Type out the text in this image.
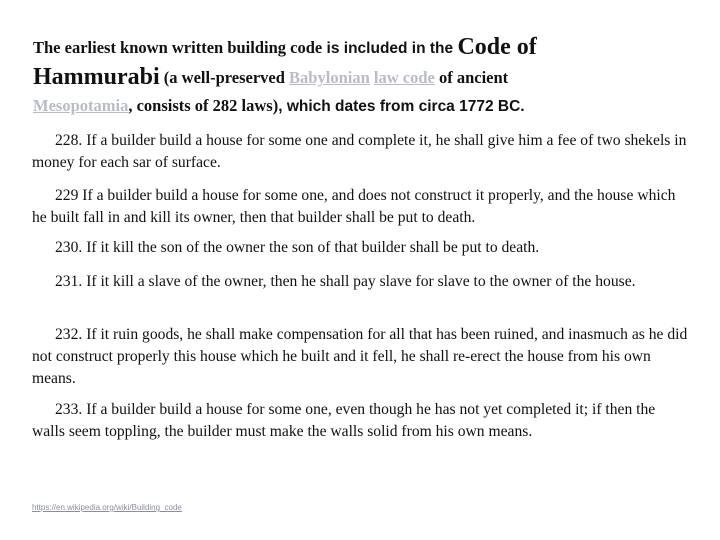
The earliest known written building code is included in the Code of
Hammurabi (a well-preserved Babylonian law code of ancient
Mesopotamia, consists of 282 laws), which dates from circa 1772 BC.

228. If a builder build a house for some one and complete it, he shall give him a fee of two shekels in money for each sar of surface.

229 If a builder build a house for some one, and does not construct it properly, and the house which he built fall in and kill its owner, then that builder shall be put to death.

230. If it kill the son of the owner the son of that builder shall be put to death.

231. If it kill a slave of the owner, then he shall pay slave for slave to the owner of the house.

232. If it ruin goods, he shall make compensation for all that has been ruined, and inasmuch as he did not construct properly this house which he built and it fell, he shall re-erect the house from his own means.

233. If a builder build a house for some one, even though he has not yet completed it; if then the walls seem toppling, the builder must make the walls solid from his own means.

https://en.wikipedia.org/wiki/Building_code
